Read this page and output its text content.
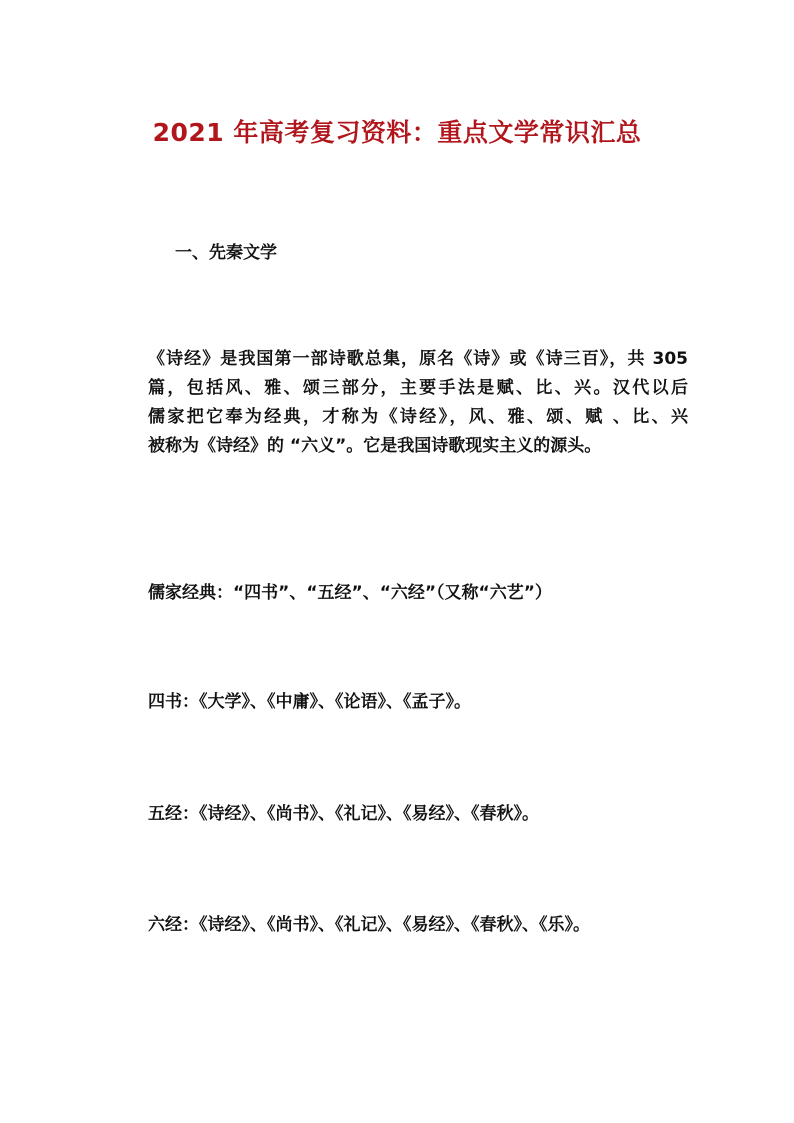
2021 年高考复习资料：重点文学常识汇总
一、先秦文学
《诗经》是我国第一部诗歌总集，原名《诗》或《诗三百》，共 305
篇，包括风、雅、颂三部分，主要手法是赋、比、兴。汉代以后
儒家把它奉为经典，才称为《诗经》，风、雅、颂、赋 、比、兴
被称为《诗经》的 “六义”。它是我国诗歌现实主义的源头。

儒家经典：“四书”、“五经”、“六经”（又称“六艺”）

四书：《大学》、《中庸》、《论语》、《孟子》。

五经：《诗经》、《尚书》、《礼记》、《易经》、《春秋》。

六经：《诗经》、《尚书》、《礼记》、《易经》、《春秋》、《乐》。
